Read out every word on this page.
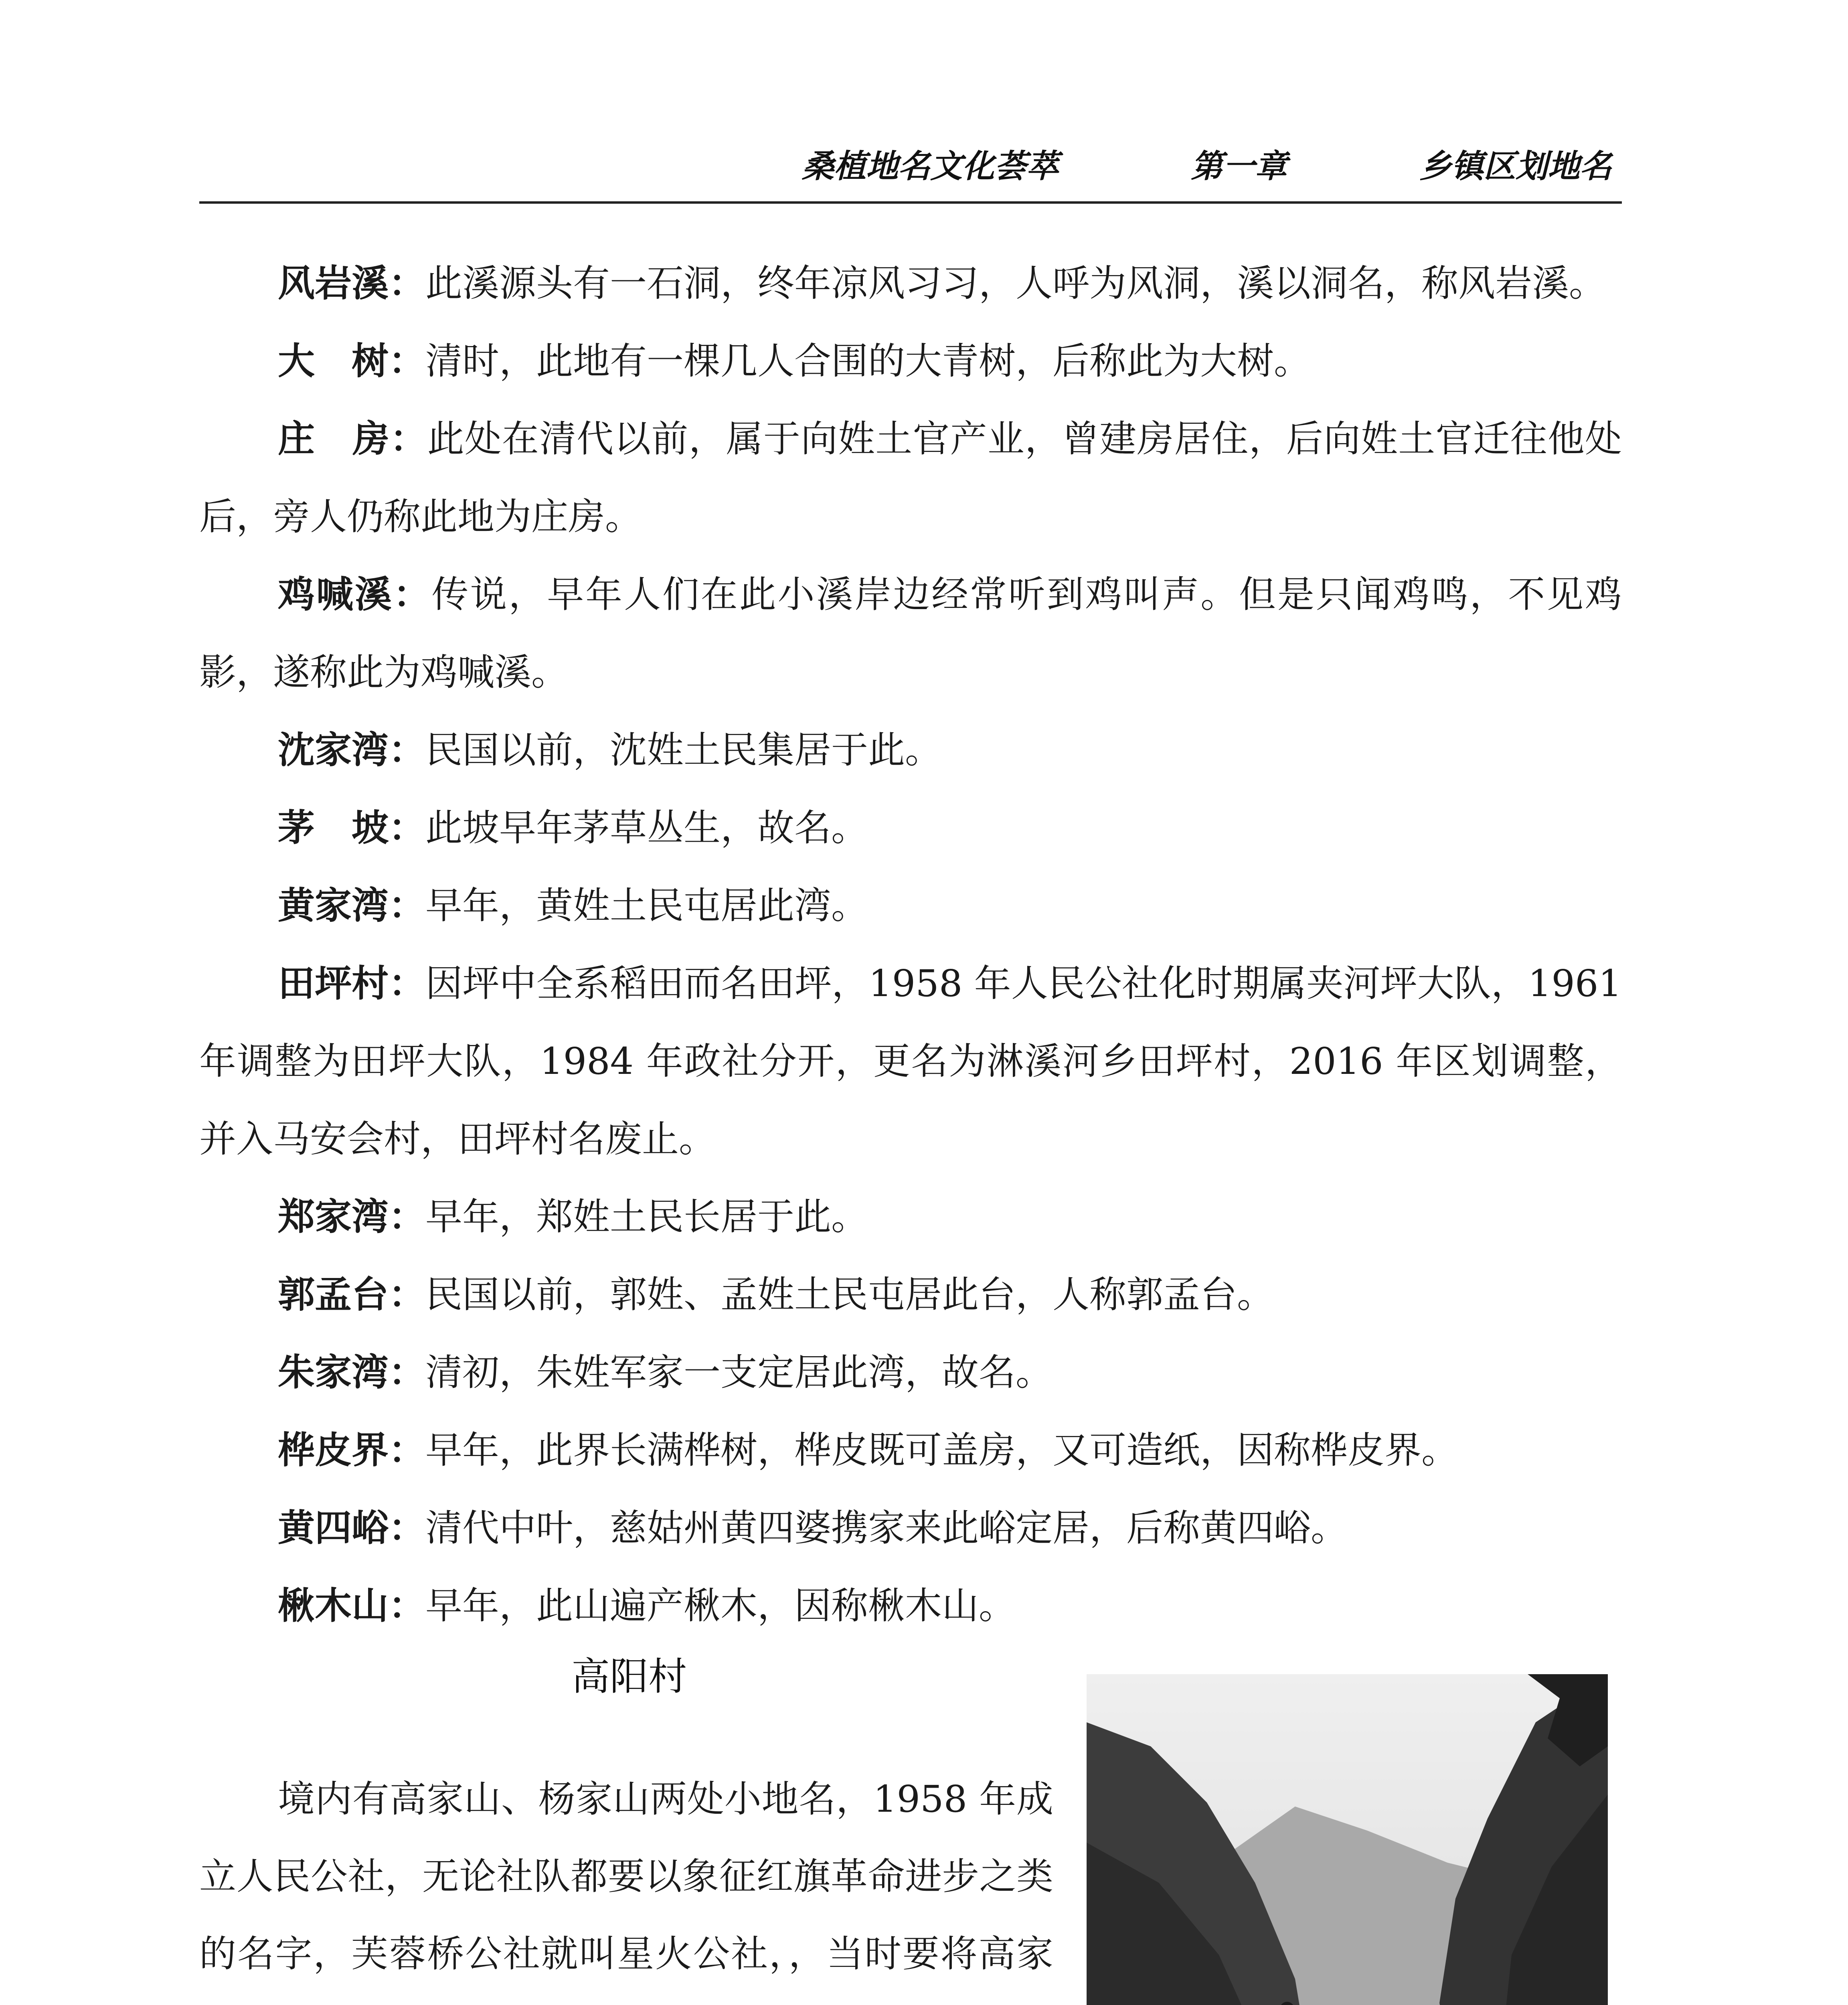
桑植地名文化荟萃	第一章	乡镇区划地名

风岩溪：此溪源头有一石洞，终年凉风习习，人呼为风洞，溪以洞名，称风岩溪。

大　树：清时，此地有一棵几人合围的大青树，后称此为大树。

庄　房：此处在清代以前，属于向姓土官产业，曾建房居住，后向姓土官迁往他处后，旁人仍称此地为庄房。

鸡喊溪：传说，早年人们在此小溪岸边经常听到鸡叫声。但是只闻鸡鸣，不见鸡影，遂称此为鸡喊溪。

沈家湾：民国以前，沈姓土民集居于此。

茅　坡：此坡早年茅草丛生，故名。

黄家湾：早年，黄姓土民屯居此湾。

田坪村：因坪中全系稻田而名田坪，1958 年人民公社化时期属夹河坪大队，1961 年调整为田坪大队，1984 年政社分开，更名为淋溪河乡田坪村，2016 年区划调整，并入马安会村，田坪村名废止。

郑家湾：早年，郑姓土民长居于此。

郭孟台：民国以前，郭姓、孟姓土民屯居此台，人称郭孟台。

朱家湾：清初，朱姓军家一支定居此湾，故名。

桦皮界：早年，此界长满桦树，桦皮既可盖房，又可造纸，因称桦皮界。

黄四峪：清代中叶，慈姑州黄四婆携家来此峪定居，后称黄四峪。

楸木山：早年，此山遍产楸木，因称楸木山。

高阳村

境内有高家山、杨家山两处小地名，1958 年成立人民公社，无论社队都要以象征红旗革命进步之类的名字，芙蓉桥公社就叫星火公社，，当时要将高家
